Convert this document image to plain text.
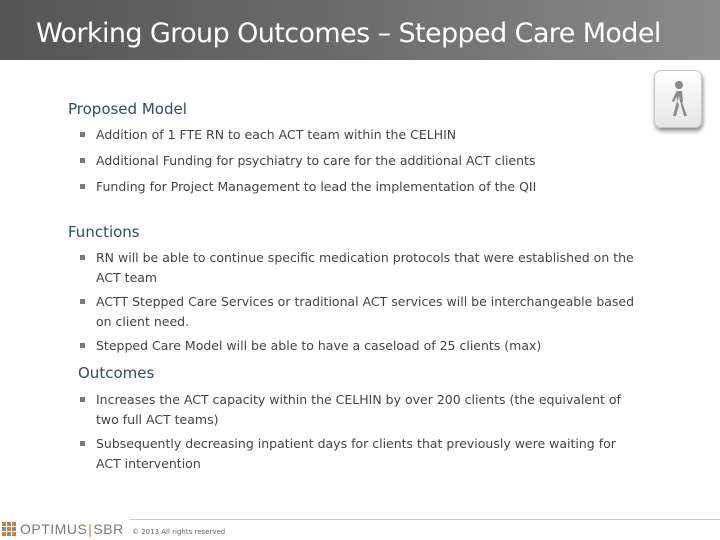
Working Group Outcomes – Stepped Care Model
Proposed Model
Addition of 1 FTE RN to each ACT team within the CELHIN
Additional Funding for psychiatry to care for the additional ACT clients
Funding for Project Management to lead the implementation of the QII
Functions
RN will be able to continue specific medication protocols that were established on the ACT team
ACTT Stepped Care Services or traditional ACT services will be interchangeable based on client need.
Stepped Care Model will be able to have a caseload of 25 clients (max)
Outcomes
Increases the ACT capacity within the CELHIN by over 200 clients (the equivalent of two full ACT teams)
Subsequently decreasing inpatient days for clients that previously were waiting for ACT intervention
OPTIMUS|SBR © 2013 All rights reserved
